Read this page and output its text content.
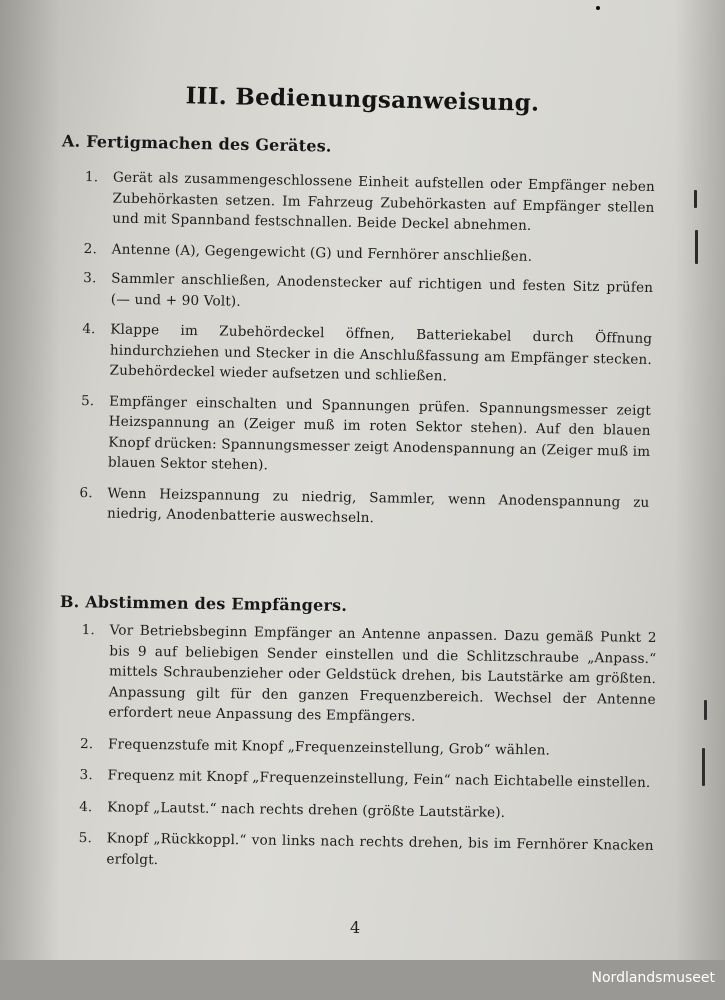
III. Bedienungsanweisung.
A. Fertigmachen des Gerätes.
1. Gerät als zusammengeschlossene Einheit aufstellen oder Empfänger neben Zubehörkasten setzen. Im Fahrzeug Zubehörkasten auf Empfänger stellen und mit Spannband festschnallen. Beide Deckel abnehmen.
2. Antenne (A), Gegengewicht (G) und Fernhörer anschließen.
3. Sammler anschließen, Anodenstecker auf richtigen und festen Sitz prüfen (— und + 90 Volt).
4. Klappe im Zubehördeckel öffnen, Batteriekabel durch Öffnung hindurchziehen und Stecker in die Anschlußfassung am Empfänger stecken. Zubehördeckel wieder aufsetzen und schließen.
5. Empfänger einschalten und Spannungen prüfen. Spannungsmesser zeigt Heizspannung an (Zeiger muß im roten Sektor stehen). Auf den blauen Knopf drücken: Spannungsmesser zeigt Anodenspannung an (Zeiger muß im blauen Sektor stehen).
6. Wenn Heizspannung zu niedrig, Sammler, wenn Anodenspannung zu niedrig, Anodenbatterie auswechseln.
B. Abstimmen des Empfängers.
1. Vor Betriebsbeginn Empfänger an Antenne anpassen. Dazu gemäß Punkt 2 bis 9 auf beliebigen Sender einstellen und die Schlitzschraube „Anpass.“ mittels Schraubenzieher oder Geldstück drehen, bis Lautstärke am größten. Anpassung gilt für den ganzen Frequenzbereich. Wechsel der Antenne erfordert neue Anpassung des Empfängers.
2. Frequenzstufe mit Knopf „Frequenzeinstellung, Grob“ wählen.
3. Frequenz mit Knopf „Frequenzeinstellung, Fein“ nach Eichtabelle einstellen.
4. Knopf „Lautst.“ nach rechts drehen (größte Lautstärke).
5. Knopf „Rückkoppl.“ von links nach rechts drehen, bis im Fernhörer Knacken erfolgt.
4
Nordlandsmuseet
